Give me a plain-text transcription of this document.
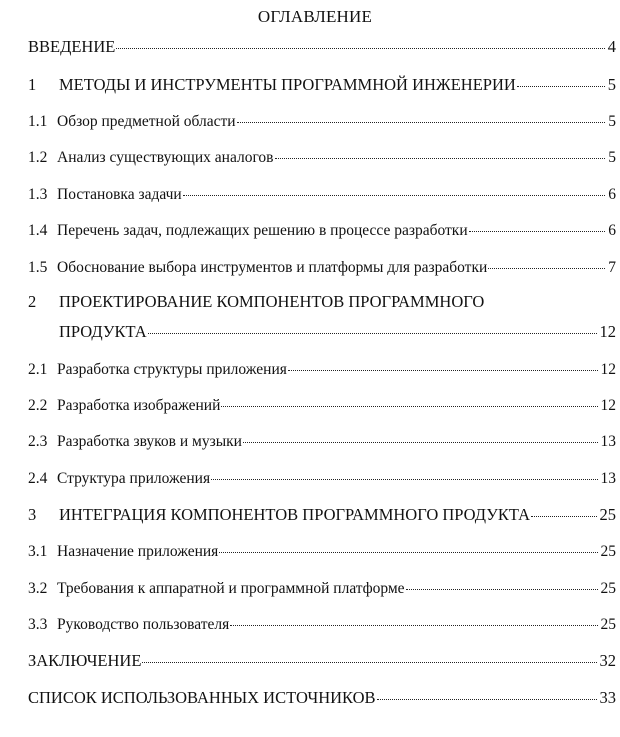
ОГЛАВЛЕНИЕ
ВВЕДЕНИЕ	4
1	МЕТОДЫ И ИНСТРУМЕНТЫ ПРОГРАММНОЙ ИНЖЕНЕРИИ	5
1.1 Обзор предметной области	5
1.2 Анализ существующих аналогов	5
1.3 Постановка задачи	6
1.4 Перечень задач, подлежащих решению в процессе разработки	6
1.5 Обоснование выбора инструментов и платформы для разработки	7
2	ПРОЕКТИРОВАНИЕ КОМПОНЕНТОВ ПРОГРАММНОГО
ПРОДУКТА	12
2.1 Разработка структуры приложения	12
2.2 Разработка изображений	12
2.3 Разработка звуков и музыки	13
2.4 Структура приложения	13
3	ИНТЕГРАЦИЯ КОМПОНЕНТОВ ПРОГРАММНОГО ПРОДУКТА	25
3.1 Назначение приложения	25
3.2 Требования к аппаратной и программной платформе	25
3.3 Руководство пользователя	25
ЗАКЛЮЧЕНИЕ	32
СПИСОК ИСПОЛЬЗОВАННЫХ ИСТОЧНИКОВ	33
